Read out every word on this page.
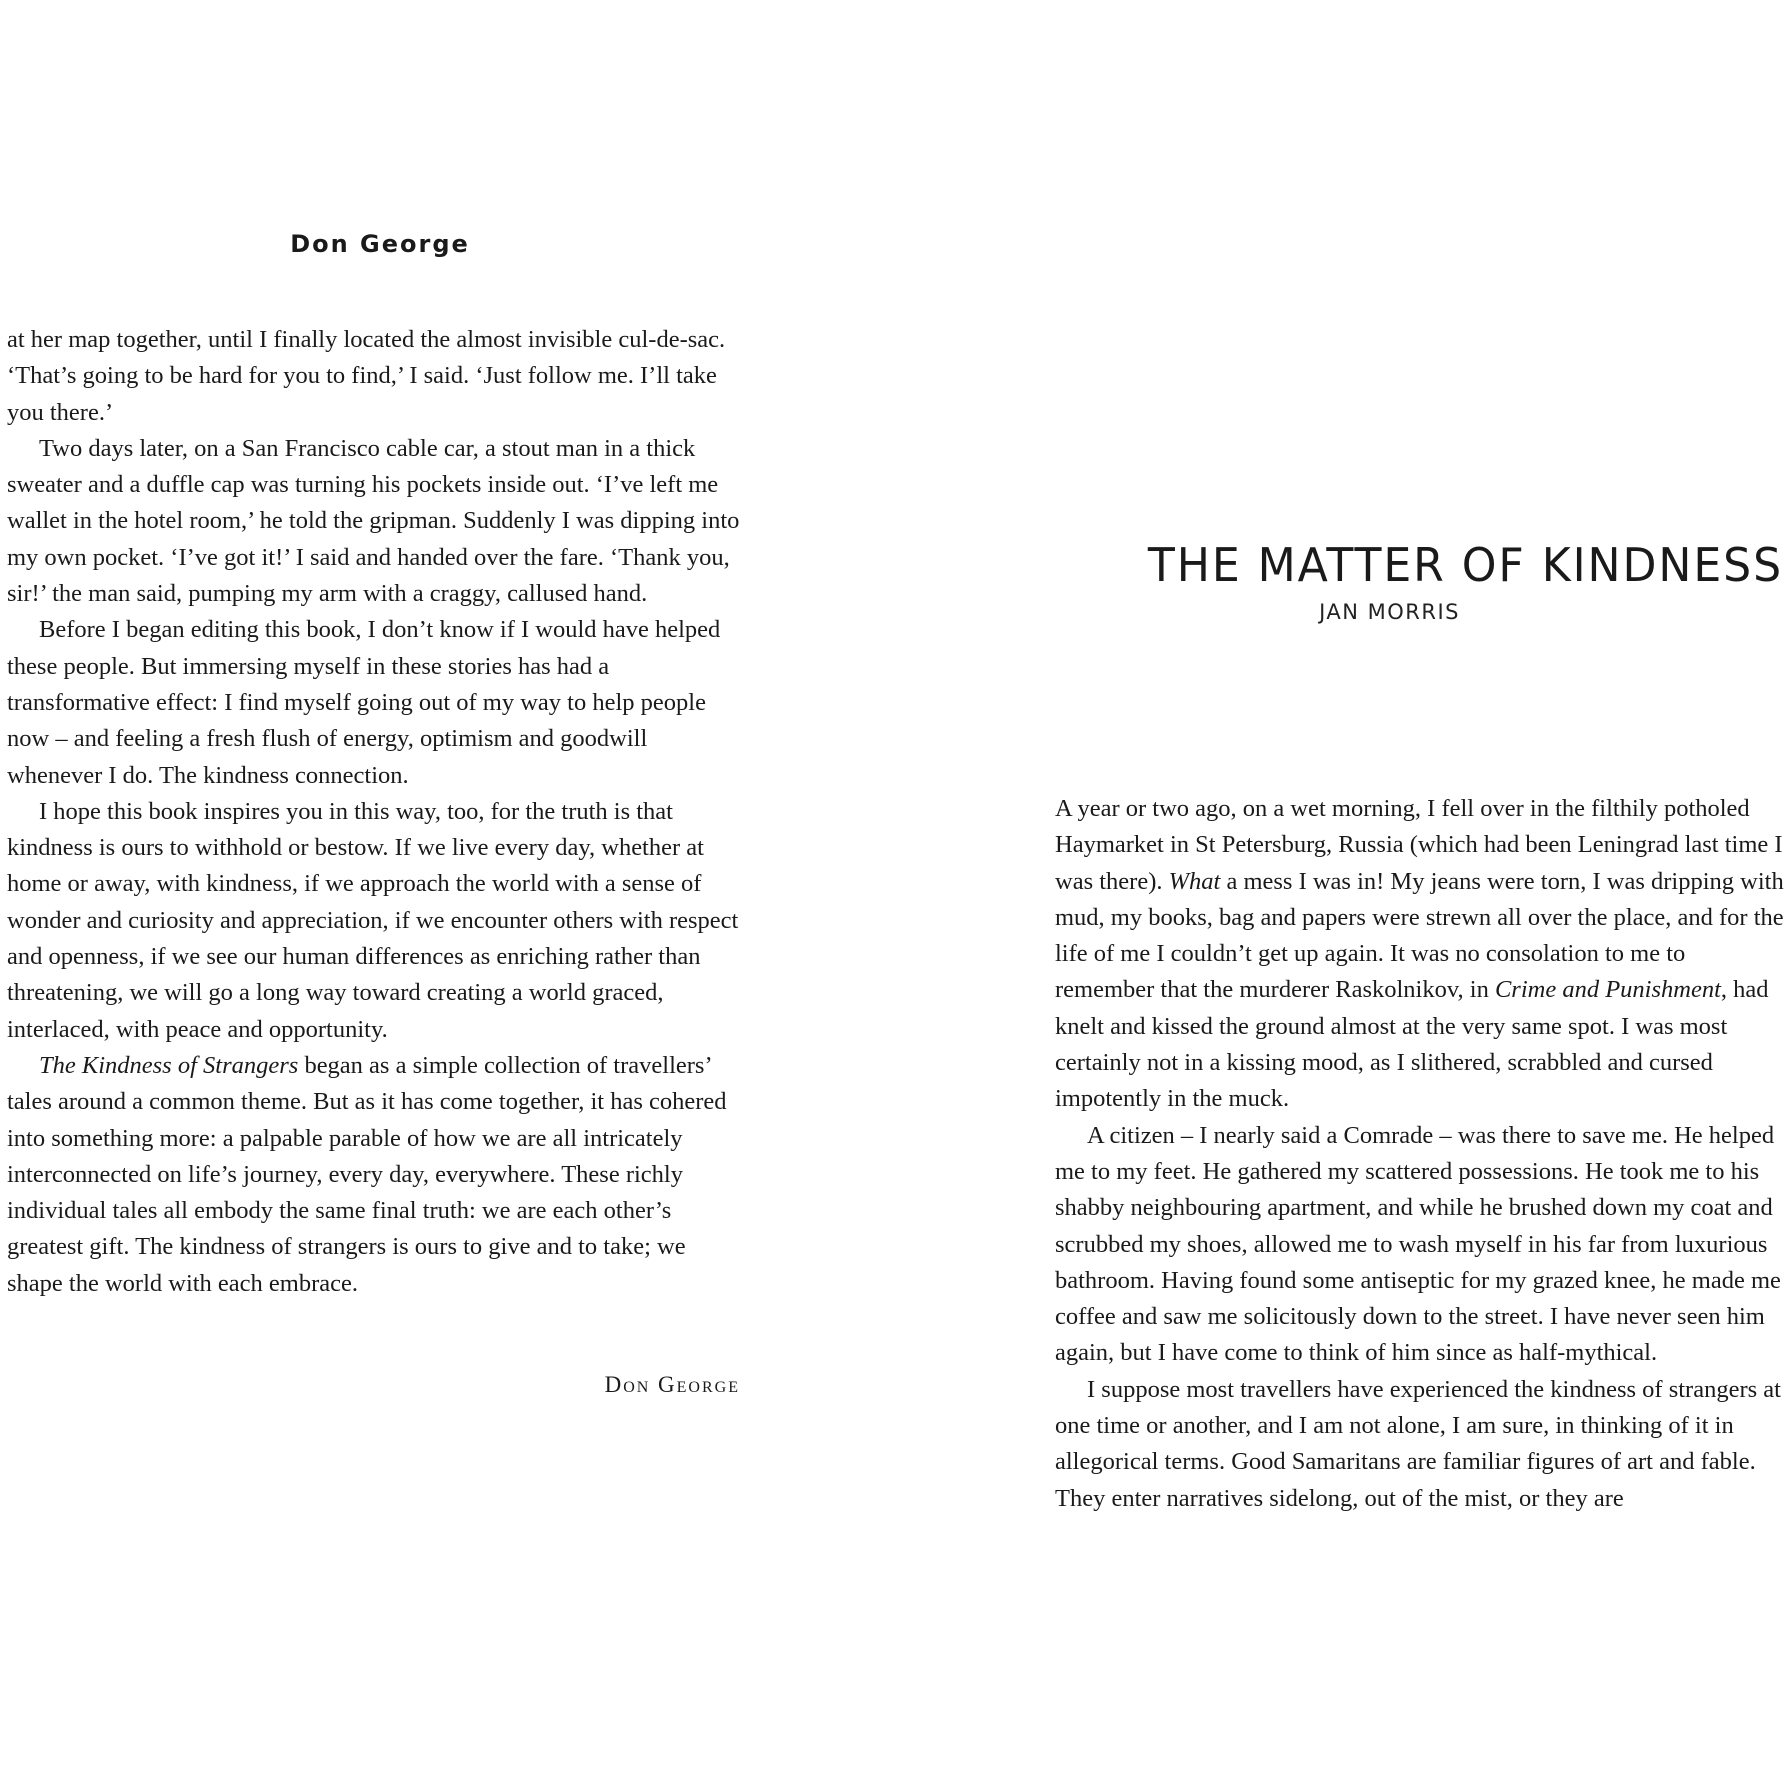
Don George

at her map together, until I finally located the almost invisible cul-de-sac. ‘That’s going to be hard for you to find,’ I said. ‘Just follow me. I’ll take you there.’

Two days later, on a San Francisco cable car, a stout man in a thick sweater and a duffle cap was turning his pockets inside out. ‘I’ve left me wallet in the hotel room,’ he told the gripman. Suddenly I was dipping into my own pocket. ‘I’ve got it!’ I said and handed over the fare. ‘Thank you, sir!’ the man said, pumping my arm with a craggy, callused hand.

Before I began editing this book, I don’t know if I would have helped these people. But immersing myself in these stories has had a transformative effect: I find myself going out of my way to help people now – and feeling a fresh flush of energy, optimism and goodwill whenever I do. The kindness connection.

I hope this book inspires you in this way, too, for the truth is that kindness is ours to withhold or bestow. If we live every day, whether at home or away, with kindness, if we approach the world with a sense of wonder and curiosity and appreciation, if we encounter others with respect and openness, if we see our human differences as enriching rather than threatening, we will go a long way toward creating a world graced, interlaced, with peace and opportunity.

The Kindness of Strangers began as a simple collection of travellers’ tales around a common theme. But as it has come together, it has cohered into something more: a palpable parable of how we are all intricately interconnected on life’s journey, every day, everywhere. These richly individual tales all embody the same final truth: we are each other’s greatest gift. The kindness of strangers is ours to give and to take; we shape the world with each embrace.

Don George
THE MATTER OF KINDNESS
JAN MORRIS

A year or two ago, on a wet morning, I fell over in the filthily potholed Haymarket in St Petersburg, Russia (which had been Leningrad last time I was there). What a mess I was in! My jeans were torn, I was dripping with mud, my books, bag and papers were strewn all over the place, and for the life of me I couldn’t get up again. It was no consolation to me to remember that the murderer Raskolnikov, in Crime and Punishment, had knelt and kissed the ground almost at the very same spot. I was most certainly not in a kissing mood, as I slithered, scrabbled and cursed impotently in the muck.

A citizen – I nearly said a Comrade – was there to save me. He helped me to my feet. He gathered my scattered possessions. He took me to his shabby neighbouring apartment, and while he brushed down my coat and scrubbed my shoes, allowed me to wash myself in his far from luxurious bathroom. Having found some antiseptic for my grazed knee, he made me coffee and saw me solicitously down to the street. I have never seen him again, but I have come to think of him since as half-mythical.

I suppose most travellers have experienced the kindness of strangers at one time or another, and I am not alone, I am sure, in thinking of it in allegorical terms. Good Samaritans are familiar figures of art and fable. They enter narratives sidelong, out of the mist, or they are
